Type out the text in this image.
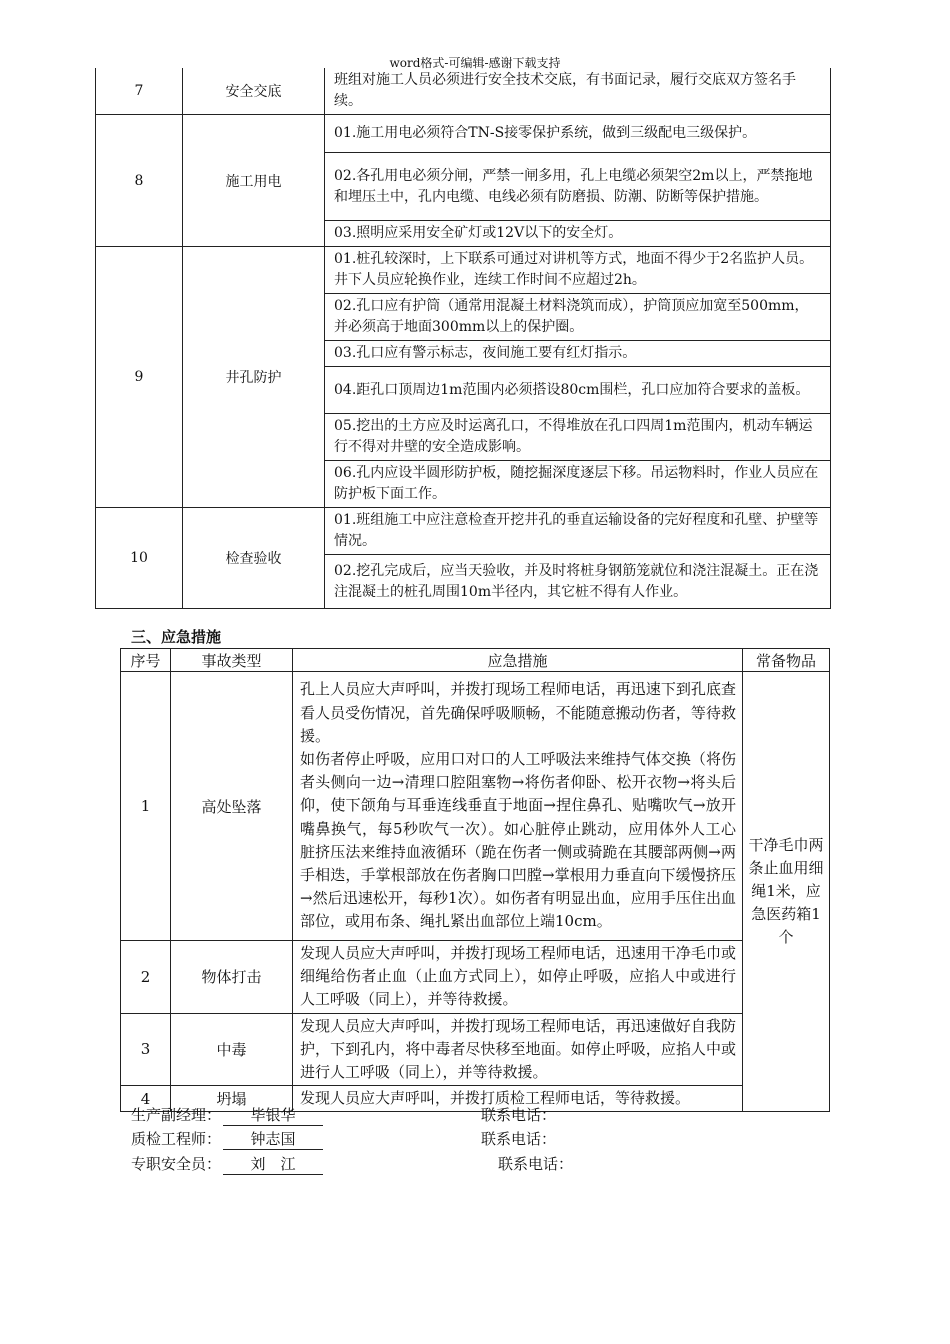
word格式-可编辑-感谢下载支持
7	安全交底	班组对施工人员必须进行安全技术交底，有书面记录，履行交底双方签名手续。
8	施工用电	01.施工用电必须符合TN-S接零保护系统，做到三级配电三级保护。
		02.各孔用电必须分闸，严禁一闸多用，孔上电缆必须架空2m以上，严禁拖地和埋压土中，孔内电缆、电线必须有防磨损、防潮、防断等保护措施。
		03.照明应采用安全矿灯或12V以下的安全灯。
9	井孔防护	01.桩孔较深时，上下联系可通过对讲机等方式，地面不得少于2名监护人员。井下人员应轮换作业，连续工作时间不应超过2h。
		02.孔口应有护筒（通常用混凝土材料浇筑而成），护筒顶应加宽至500mm，并必须高于地面300mm以上的保护圈。
		03.孔口应有警示标志，夜间施工要有红灯指示。
		04.距孔口顶周边1m范围内必须搭设80cm围栏，孔口应加符合要求的盖板。
		05.挖出的土方应及时运离孔口，不得堆放在孔口四周1m范围内，机动车辆运行不得对井壁的安全造成影响。
		06.孔内应设半圆形防护板，随挖掘深度逐层下移。吊运物料时，作业人员应在防护板下面工作。
10	检查验收	01.班组施工中应注意检查开挖井孔的垂直运输设备的完好程度和孔壁、护壁等情况。
		02.挖孔完成后，应当天验收，并及时将桩身钢筋笼就位和浇注混凝土。正在浇注混凝土的桩孔周围10m半径内，其它桩不得有人作业。
三、应急措施
序号	事故类型	应急措施	常备物品
1	高处坠落	孔上人员应大声呼叫，并拨打现场工程师电话，再迅速下到孔底查看人员受伤情况，首先确保呼吸顺畅，不能随意搬动伤者，等待救援。
如伤者停止呼吸，应用口对口的人工呼吸法来维持气体交换（将伤者头侧向一边→清理口腔阻塞物→将伤者仰卧、松开衣物→将头后仰，使下颌角与耳垂连线垂直于地面→捏住鼻孔、贴嘴吹气→放开嘴鼻换气，每5秒吹气一次）。如心脏停止跳动，应用体外人工心脏挤压法来维持血液循环（跪在伤者一侧或骑跪在其腰部两侧→两手相迭，手掌根部放在伤者胸口凹膛→掌根用力垂直向下缓慢挤压→然后迅速松开，每秒1次）。如伤者有明显出血，应用手压住出血部位，或用布条、绳扎紧出血部位上端10cm。	干净毛巾两条止血用细绳1米，应急医药箱1个
2	物体打击	发现人员应大声呼叫，并拨打现场工程师电话，迅速用干净毛巾或细绳给伤者止血（止血方式同上），如停止呼吸，应掐人中或进行人工呼吸（同上），并等待救援。	
3	中毒	发现人员应大声呼叫，并拨打现场工程师电话，再迅速做好自我防护，下到孔内，将中毒者尽快移至地面。如停止呼吸，应掐人中或进行人工呼吸（同上），并等待救援。	
4	坍塌	发现人员应大声呼叫，并拨打质检工程师电话，等待救援。	
生产副经理： 毕银华	联系电话：
质检工程师： 钟志国	联系电话：
专职安全员： 刘　江	联系电话：
